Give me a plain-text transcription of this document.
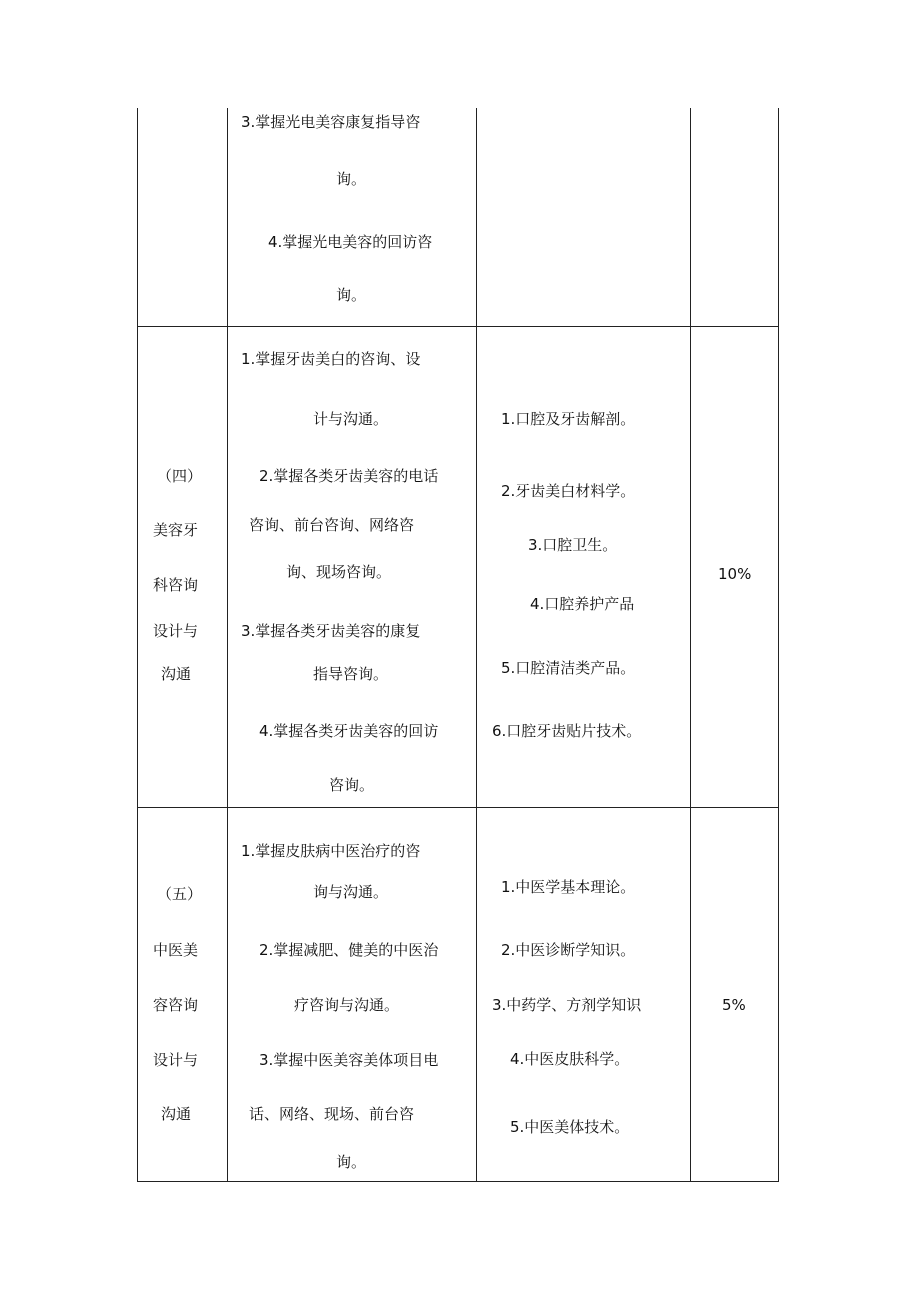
3.掌握光电美容康复指导咨
询。
4.掌握光电美容的回访咨
询。
（四）
美容牙
科咨询
设计与
沟通
1.掌握牙齿美白的咨询、设
计与沟通。
2.掌握各类牙齿美容的电话
咨询、前台咨询、网络咨
询、现场咨询。
3.掌握各类牙齿美容的康复
指导咨询。
4.掌握各类牙齿美容的回访
咨询。
1.口腔及牙齿解剖。
2.牙齿美白材料学。
3.口腔卫生。
4.口腔养护产品
5.口腔清洁类产品。
6.口腔牙齿贴片技术。
10%
（五）
中医美
容咨询
设计与
沟通
1.掌握皮肤病中医治疗的咨
询与沟通。
2.掌握减肥、健美的中医治
疗咨询与沟通。
3.掌握中医美容美体项目电
话、网络、现场、前台咨
询。
1.中医学基本理论。
2.中医诊断学知识。
3.中药学、方剂学知识
4.中医皮肤科学。
5.中医美体技术。
5%
